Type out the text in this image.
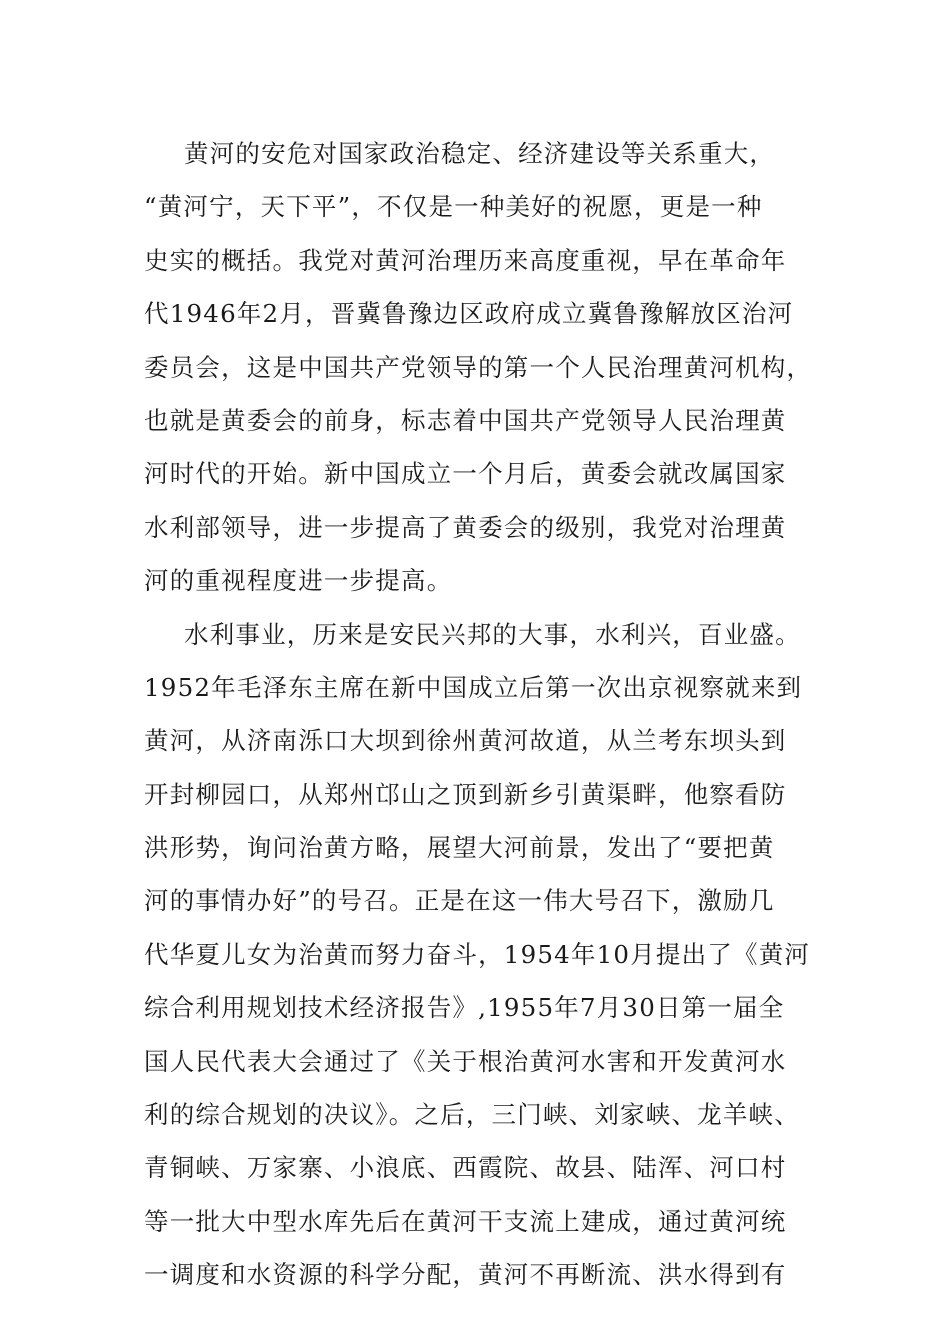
黄河的安危对国家政治稳定、经济建设等关系重大，
“黄河宁，天下平”，不仅是一种美好的祝愿，更是一种
史实的概括。我党对黄河治理历来高度重视，早在革命年
代1946年2月，晋冀鲁豫边区政府成立冀鲁豫解放区治河
委员会，这是中国共产党领导的第一个人民治理黄河机构，
也就是黄委会的前身，标志着中国共产党领导人民治理黄
河时代的开始。新中国成立一个月后，黄委会就改属国家
水利部领导，进一步提高了黄委会的级别，我党对治理黄
河的重视程度进一步提高。
水利事业，历来是安民兴邦的大事，水利兴，百业盛。
1952年毛泽东主席在新中国成立后第一次出京视察就来到
黄河，从济南泺口大坝到徐州黄河故道，从兰考东坝头到
开封柳园口，从郑州邙山之顶到新乡引黄渠畔，他察看防
洪形势，询问治黄方略，展望大河前景，发出了“要把黄
河的事情办好”的号召。正是在这一伟大号召下，激励几
代华夏儿女为治黄而努力奋斗，1954年10月提出了《黄河
综合利用规划技术经济报告》,1955年7月30日第一届全
国人民代表大会通过了《关于根治黄河水害和开发黄河水
利的综合规划的决议》。之后，三门峡、刘家峡、龙羊峡、
青铜峡、万家寨、小浪底、西霞院、故县、陆浑、河口村
等一批大中型水库先后在黄河干支流上建成，通过黄河统
一调度和水资源的科学分配，黄河不再断流、洪水得到有
